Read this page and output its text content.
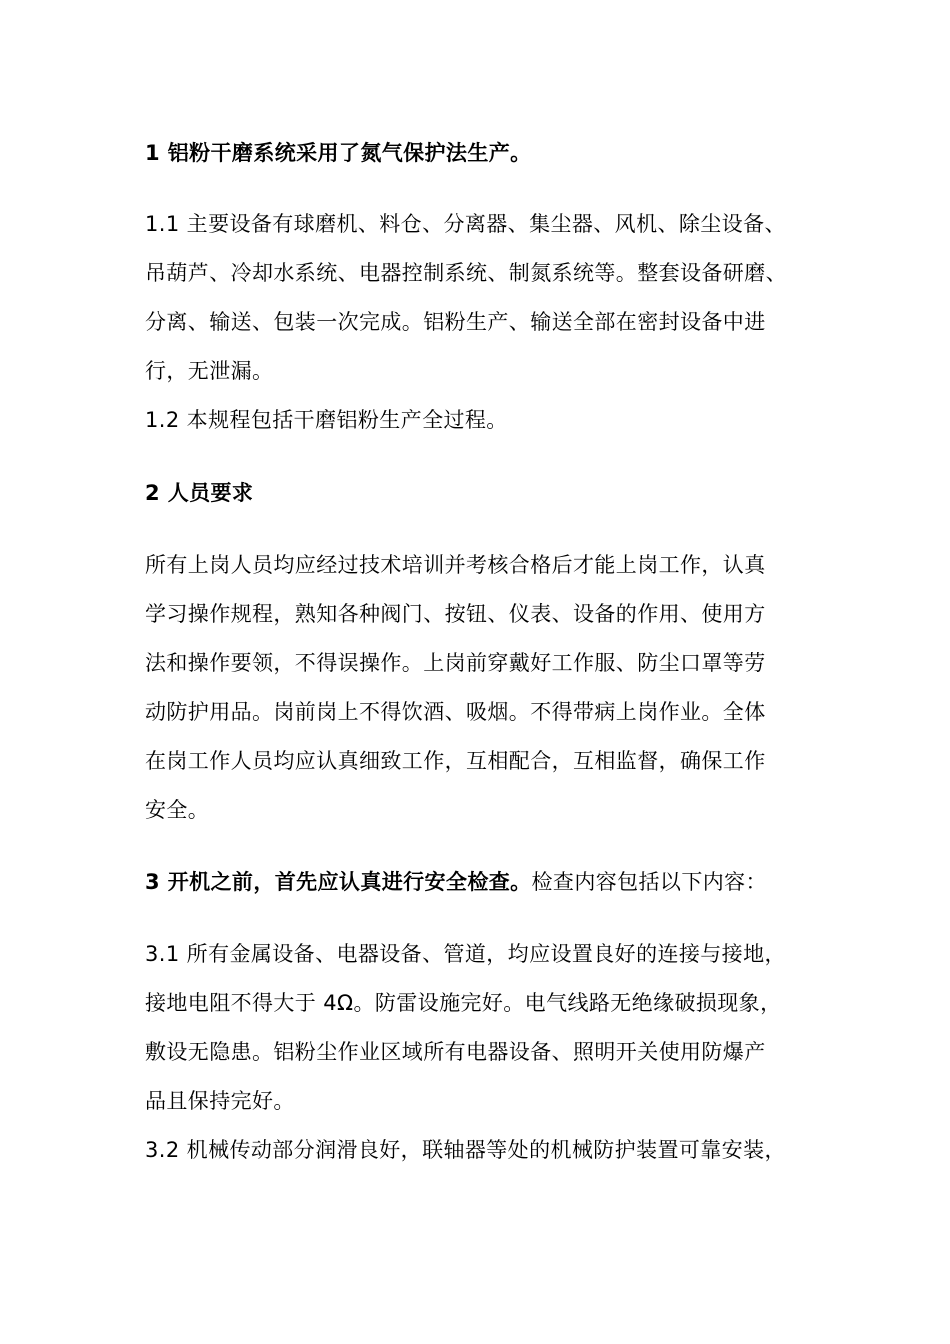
1 铝粉干磨系统采用了氮气保护法生产。
1.1 主要设备有球磨机、料仓、分离器、集尘器、风机、除尘设备、
吊葫芦、冷却水系统、电器控制系统、制氮系统等。整套设备研磨、
分离、输送、包装一次完成。铝粉生产、输送全部在密封设备中进
行，无泄漏。
1.2 本规程包括干磨铝粉生产全过程。
2 人员要求
所有上岗人员均应经过技术培训并考核合格后才能上岗工作，认真
学习操作规程，熟知各种阀门、按钮、仪表、设备的作用、使用方
法和操作要领，不得误操作。上岗前穿戴好工作服、防尘口罩等劳
动防护用品。岗前岗上不得饮酒、吸烟。不得带病上岗作业。全体
在岗工作人员均应认真细致工作，互相配合，互相监督，确保工作
安全。
3 开机之前，首先应认真进行安全检查。检查内容包括以下内容：
3.1 所有金属设备、电器设备、管道，均应设置良好的连接与接地，
接地电阻不得大于 4Ω。防雷设施完好。电气线路无绝缘破损现象，
敷设无隐患。铝粉尘作业区域所有电器设备、照明开关使用防爆产
品且保持完好。
3.2 机械传动部分润滑良好，联轴器等处的机械防护装置可靠安装，
